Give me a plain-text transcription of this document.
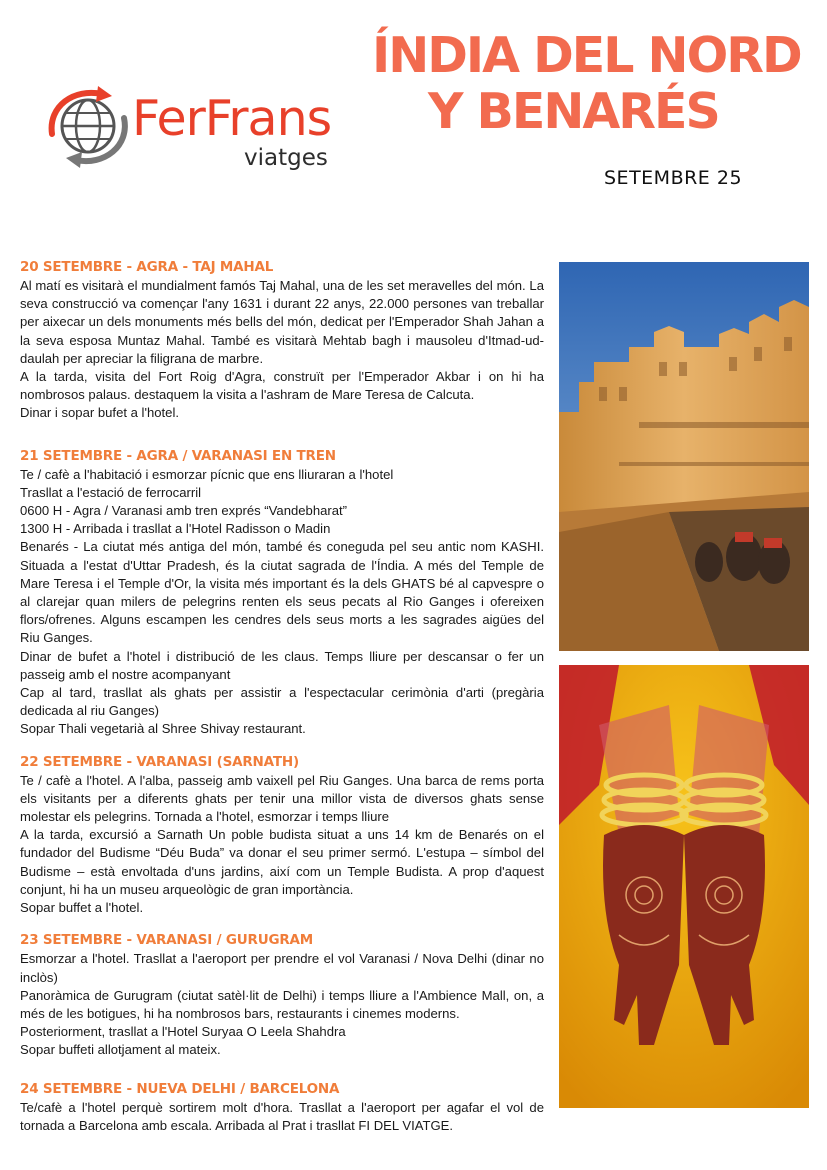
FerFrans
viatges
ÍNDIA DEL NORD
Y BENARÉS
SETEMBRE 25
20 SETEMBRE - AGRA - TAJ MAHAL

Al matí es visitarà el mundialment famós Taj Mahal, una de les set meravelles del món. La seva construcció va començar l'any 1631 i durant 22 anys, 22.000 persones van treballar per aixecar un dels monuments més bells del món, dedicat per l'Emperador Shah Jahan a la seva esposa Muntaz Mahal. També es visitarà Mehtab bagh i mausoleu d'Itmad-ud-daulah per apreciar la filigrana de marbre.

A la tarda, visita del Fort Roig d'Agra, construït per l'Emperador Akbar i on hi ha nombrosos palaus. destaquem la visita a l'ashram de Mare Teresa de Calcuta.

Dinar i sopar bufet a l'hotel.

21 SETEMBRE - AGRA / VARANASI EN TREN

Te / cafè a l'habitació i esmorzar pícnic que ens lliuraran a l'hotel

Trasllat a l'estació de ferrocarril

0600 H - Agra / Varanasi amb tren exprés “Vandebharat”

1300 H - Arribada i trasllat a l'Hotel Radisson o Madin

Benarés - La ciutat més antiga del món, també és coneguda pel seu antic nom KASHI. Situada a l'estat d'Uttar Pradesh, és la ciutat sagrada de l'Índia. A més del Temple de Mare Teresa i el Temple d'Or, la visita més important és la dels GHATS bé al capvespre o al clarejar quan milers de pelegrins renten els seus pecats al Rio Ganges i ofereixen flors/ofrenes. Alguns escampen les cendres dels seus morts a les sagrades aigües del Riu Ganges.

Dinar de bufet a l'hotel i distribució de les claus. Temps lliure per descansar o fer un passeig amb el nostre acompanyant

Cap al tard, trasllat als ghats per assistir a l'espectacular cerimònia d'arti (pregària dedicada al riu Ganges)

Sopar Thali vegetarià al Shree Shivay restaurant.

22 SETEMBRE - VARANASI (SARNATH)

Te / cafè a l'hotel. A l'alba, passeig amb vaixell pel Riu Ganges. Una barca de rems porta els visitants per a diferents ghats per tenir una millor vista de diversos ghats sense molestar els pelegrins. Tornada a l'hotel, esmorzar i temps lliure

A la tarda, excursió a Sarnath Un poble budista situat a uns 14 km de Benarés on el fundador del Budisme “Déu Buda” va donar el seu primer sermó. L'estupa – símbol del Budisme – està envoltada d'uns jardins, així com un Temple Budista. A prop d'aquest conjunt, hi ha un museu arqueològic de gran importància.

Sopar buffet a l'hotel.

23 SETEMBRE - VARANASI / GURUGRAM

Esmorzar a l'hotel. Trasllat a l'aeroport per prendre el vol Varanasi / Nova Delhi (dinar no inclòs)

Panoràmica de Gurugram (ciutat satèl·lit de Delhi) i temps lliure a l'Ambience Mall, on, a més de les botigues, hi ha nombrosos bars, restaurants i cinemes moderns.

Posteriorment, trasllat a l'Hotel Suryaa O Leela Shahdra

Sopar buffeti allotjament al mateix.

24 SETEMBRE - NUEVA DELHI / BARCELONA

Te/cafè a l'hotel perquè sortirem molt d'hora. Trasllat a l'aeroport per agafar el vol de tornada a Barcelona amb escala. Arribada al Prat i trasllat FI DEL VIATGE.
